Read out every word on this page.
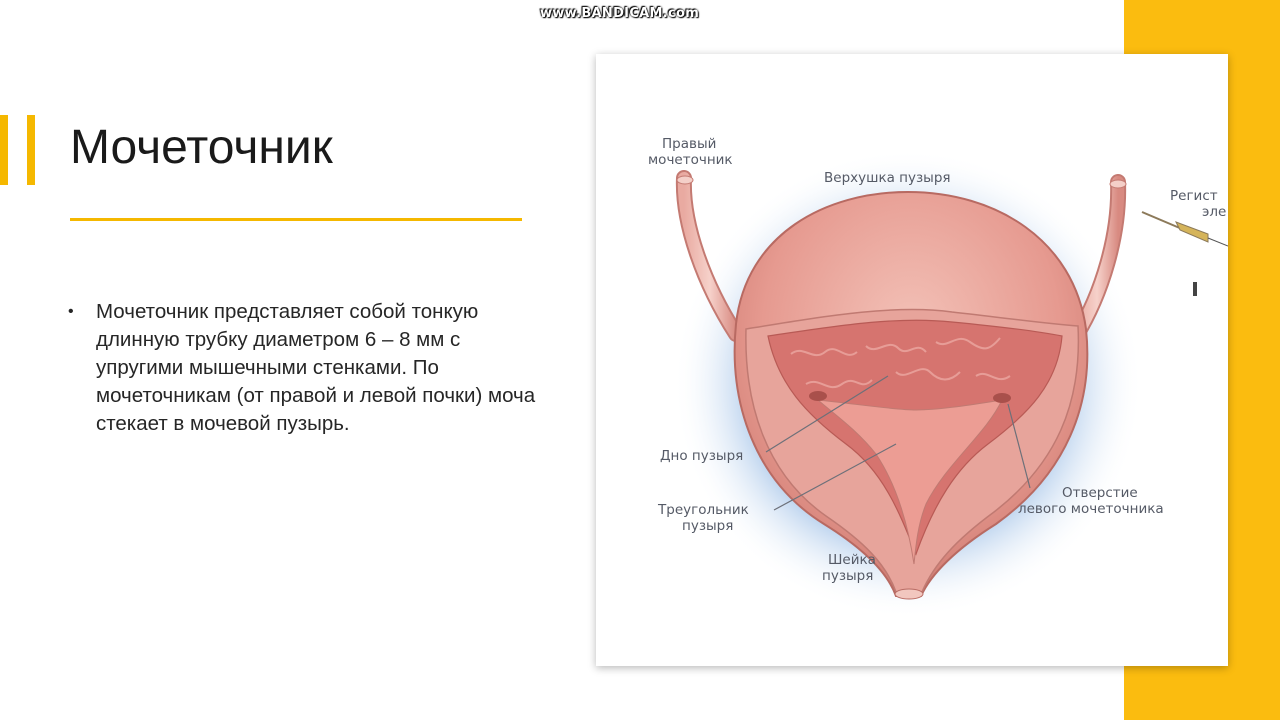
www.BANDICAM.com
Мочеточник
•	Мочеточник представляет собой тонкую длинную трубку диаметром 6 – 8 мм с упругими мышечными стенками. По мочеточникам (от правой и левой почки) моча стекает в мочевой пузырь.
Правый
мочеточник
Верхушка пузыря
Дно пузыря
Треугольник
пузыря
Шейка
пузыря
Отверстие
левого мочеточника
Регист
эле
